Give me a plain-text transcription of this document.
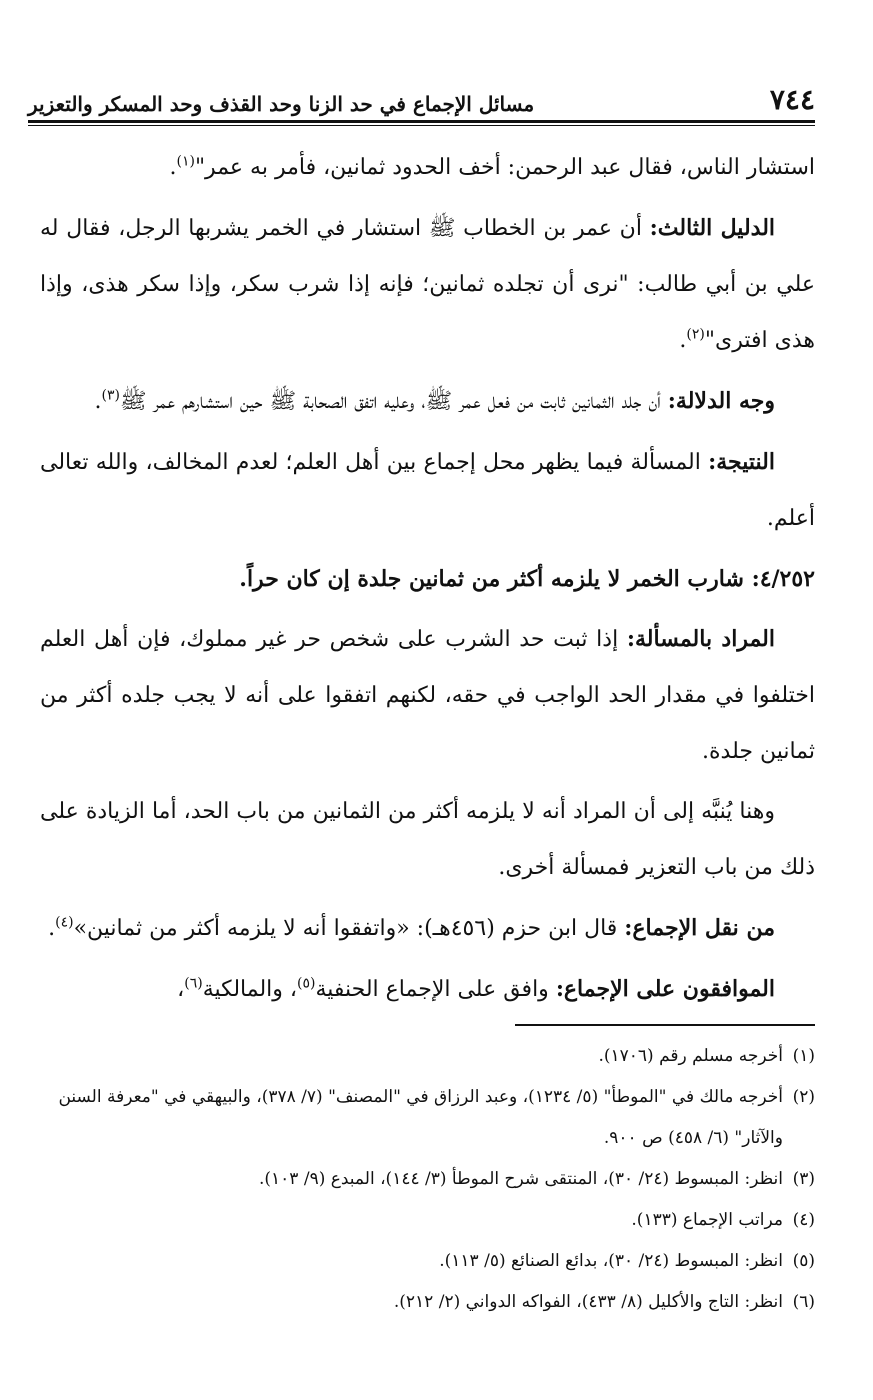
٧٤٤
مسائل الإجماع في حد الزنا وحد القذف وحد المسكر والتعزير

استشار الناس، فقال عبد الرحمن: أخف الحدود ثمانين، فأمر به عمر"$^{(١)}$.

الدليل الثالث: أن عمر بن الخطاب ﷺ استشار في الخمر يشربها الرجل، فقال له علي بن أبي طالب: "نرى أن تجلده ثمانين؛ فإنه إذا شرب سكر، وإذا سكر هذى، وإذا هذى افترى"$^{(٢)}$.

وجه الدلالة: أن جلد الثمانين ثابت من فعل عمر ﷺ، وعليه اتفق الصحابة ﷺ حين استشارهم عمر ﷺ$^{(٣)}$.

النتيجة: المسألة فيما يظهر محل إجماع بين أهل العلم؛ لعدم المخالف، والله تعالى أعلم.

٤/٢٥٢: شارب الخمر لا يلزمه أكثر من ثمانين جلدة إن كان حراً.

المراد بالمسألة: إذا ثبت حد الشرب على شخص حر غير مملوك، فإن أهل العلم اختلفوا في مقدار الحد الواجب في حقه، لكنهم اتفقوا على أنه لا يجب جلده أكثر من ثمانين جلدة.

وهنا يُنبَّه إلى أن المراد أنه لا يلزمه أكثر من الثمانين من باب الحد، أما الزيادة على ذلك من باب التعزير فمسألة أخرى.

من نقل الإجماع: قال ابن حزم (٤٥٦هـ): «واتفقوا أنه لا يلزمه أكثر من ثمانين»$^{(٤)}$.

الموافقون على الإجماع: وافق على الإجماع الحنفية$^{(٥)}$، والمالكية$^{(٦)}$،

(١)
أخرجه مسلم رقم (١٧٠٦).

(٢)
أخرجه مالك في "الموطأ" (٥/ ١٢٣٤)، وعبد الرزاق في "المصنف" (٧/ ٣٧٨)، والبيهقي في "معرفة السنن والآثار" (٦/ ٤٥٨) ص ٩٠٠.

(٣)
انظر: المبسوط (٢٤/ ٣٠)، المنتقى شرح الموطأ (٣/ ١٤٤)، المبدع (٩/ ١٠٣).

(٤)
مراتب الإجماع (١٣٣).

(٥)
انظر: المبسوط (٢٤/ ٣٠)، بدائع الصنائع (٥/ ١١٣).

(٦)
انظر: التاج والأكليل (٨/ ٤٣٣)، الفواكه الدواني (٢/ ٢١٢).
